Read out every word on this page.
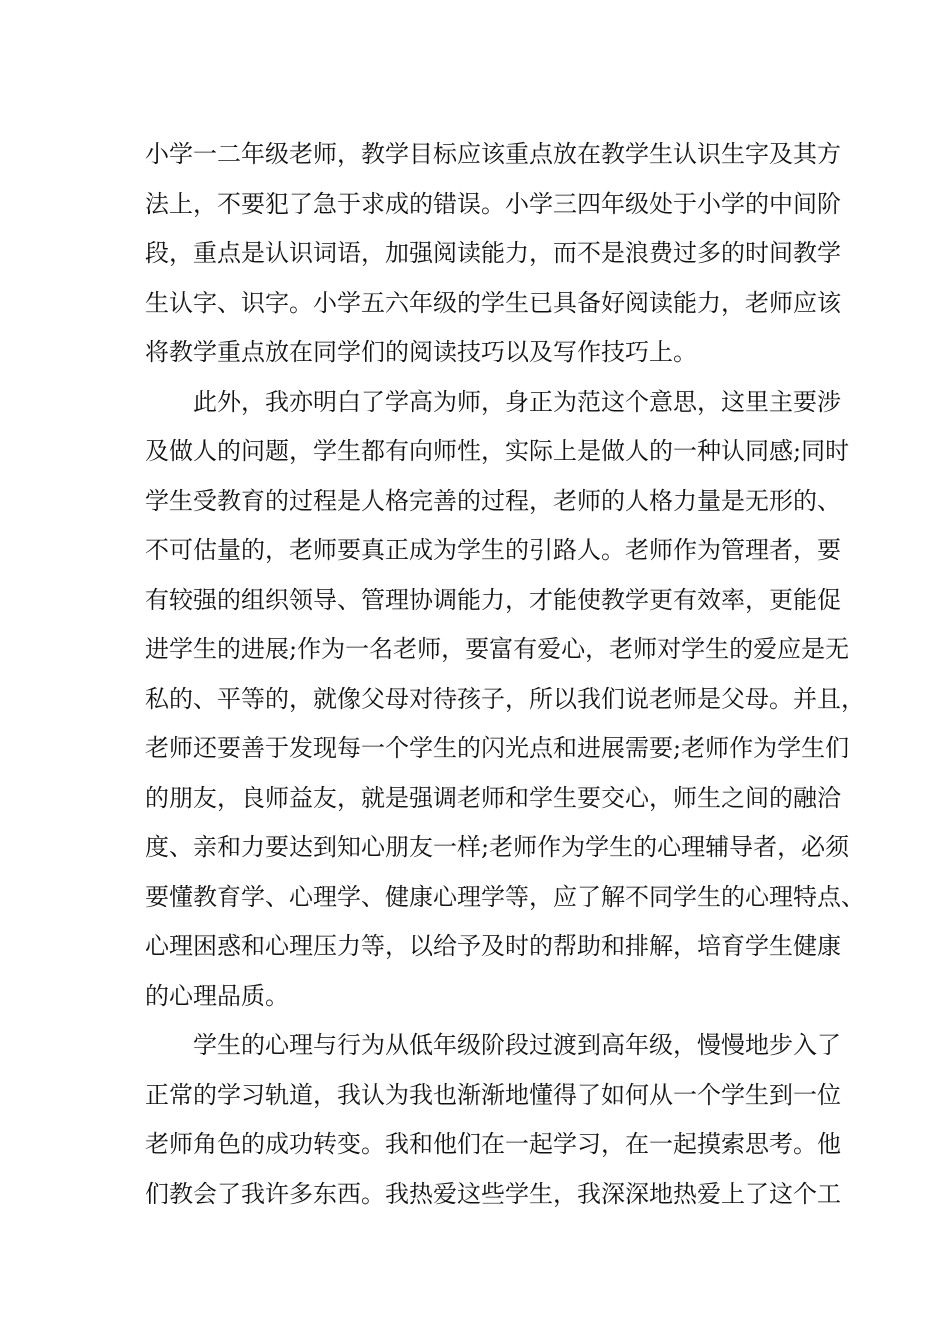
小学一二年级老师，教学目标应该重点放在教学生认识生字及其方
法上，不要犯了急于求成的错误。小学三四年级处于小学的中间阶
段，重点是认识词语，加强阅读能力，而不是浪费过多的时间教学
生认字、识字。小学五六年级的学生已具备好阅读能力，老师应该
将教学重点放在同学们的阅读技巧以及写作技巧上。
此外，我亦明白了学高为师，身正为范这个意思，这里主要涉
及做人的问题，学生都有向师性，实际上是做人的一种认同感;同时
学生受教育的过程是人格完善的过程，老师的人格力量是无形的、
不可估量的，老师要真正成为学生的引路人。老师作为管理者，要
有较强的组织领导、管理协调能力，才能使教学更有效率，更能促
进学生的进展;作为一名老师，要富有爱心，老师对学生的爱应是无
私的、平等的，就像父母对待孩子，所以我们说老师是父母。并且，
老师还要善于发现每一个学生的闪光点和进展需要;老师作为学生们
的朋友，良师益友，就是强调老师和学生要交心，师生之间的融洽
度、亲和力要达到知心朋友一样;老师作为学生的心理辅导者，必须
要懂教育学、心理学、健康心理学等，应了解不同学生的心理特点、
心理困惑和心理压力等，以给予及时的帮助和排解，培育学生健康
的心理品质。
学生的心理与行为从低年级阶段过渡到高年级，慢慢地步入了
正常的学习轨道，我认为我也渐渐地懂得了如何从一个学生到一位
老师角色的成功转变。我和他们在一起学习，在一起摸索思考。他
们教会了我许多东西。我热爱这些学生，我深深地热爱上了这个工
